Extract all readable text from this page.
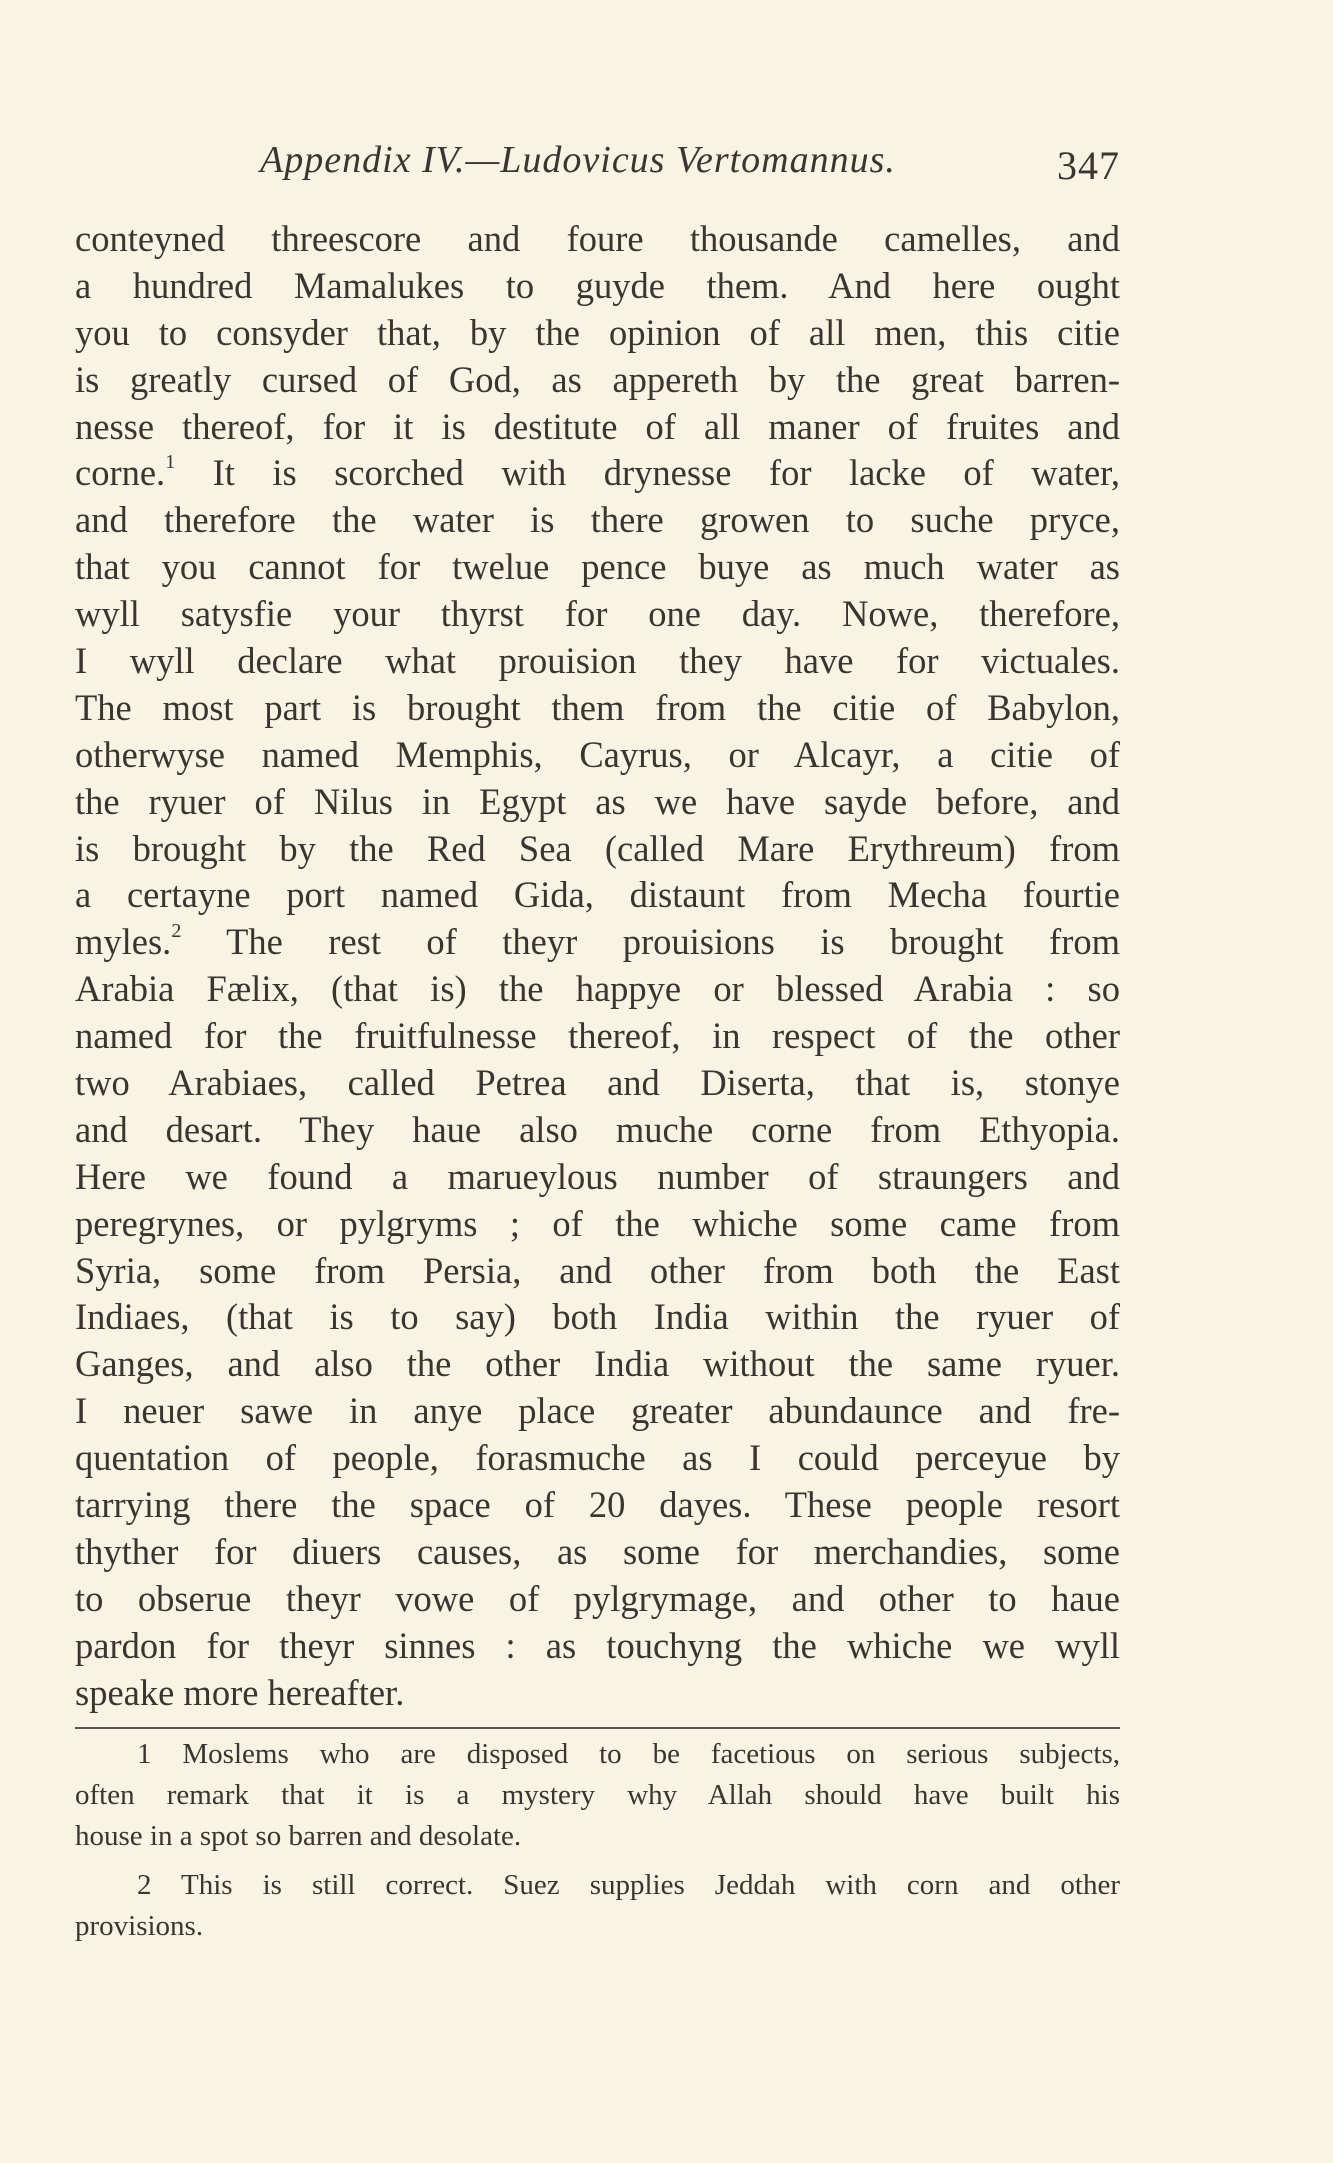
Appendix IV.—Ludovicus Vertomannus.	347
conteyned threescore and foure thousande camelles, and
a hundred Mamalukes to guyde them. And here ought
you to consyder that, by the opinion of all men, this citie
is greatly cursed of God, as appereth by the great barren-
nesse thereof, for it is destitute of all maner of fruites and
corne.$^1$ It is scorched with drynesse for lacke of water,
and therefore the water is there growen to suche pryce,
that you cannot for twelue pence buye as much water as
wyll satysfie your thyrst for one day. Nowe, therefore,
I wyll declare what prouision they have for victuales.
The most part is brought them from the citie of Babylon,
otherwyse named Memphis, Cayrus, or Alcayr, a citie of
the ryuer of Nilus in Egypt as we have sayde before, and
is brought by the Red Sea (called Mare Erythreum) from
a certayne port named Gida, distaunt from Mecha fourtie
myles.$^2$ The rest of theyr prouisions is brought from
Arabia Fælix, (that is) the happye or blessed Arabia : so
named for the fruitfulnesse thereof, in respect of the other
two Arabiaes, called Petrea and Diserta, that is, stonye
and desart. They haue also muche corne from Ethyopia.
Here we found a marueylous number of straungers and
peregrynes, or pylgryms ; of the whiche some came from
Syria, some from Persia, and other from both the East
Indiaes, (that is to say) both India within the ryuer of
Ganges, and also the other India without the same ryuer.
I neuer sawe in anye place greater abundaunce and fre-
quentation of people, forasmuche as I could perceyue by
tarrying there the space of 20 dayes. These people resort
thyther for diuers causes, as some for merchandies, some
to obserue theyr vowe of pylgrymage, and other to haue
pardon for theyr sinnes : as touchyng the whiche we wyll
speake more hereafter.
1 Moslems who are disposed to be facetious on serious subjects,
often remark that it is a mystery why Allah should have built his
house in a spot so barren and desolate.
2 This is still correct. Suez supplies Jeddah with corn and other
provisions.
